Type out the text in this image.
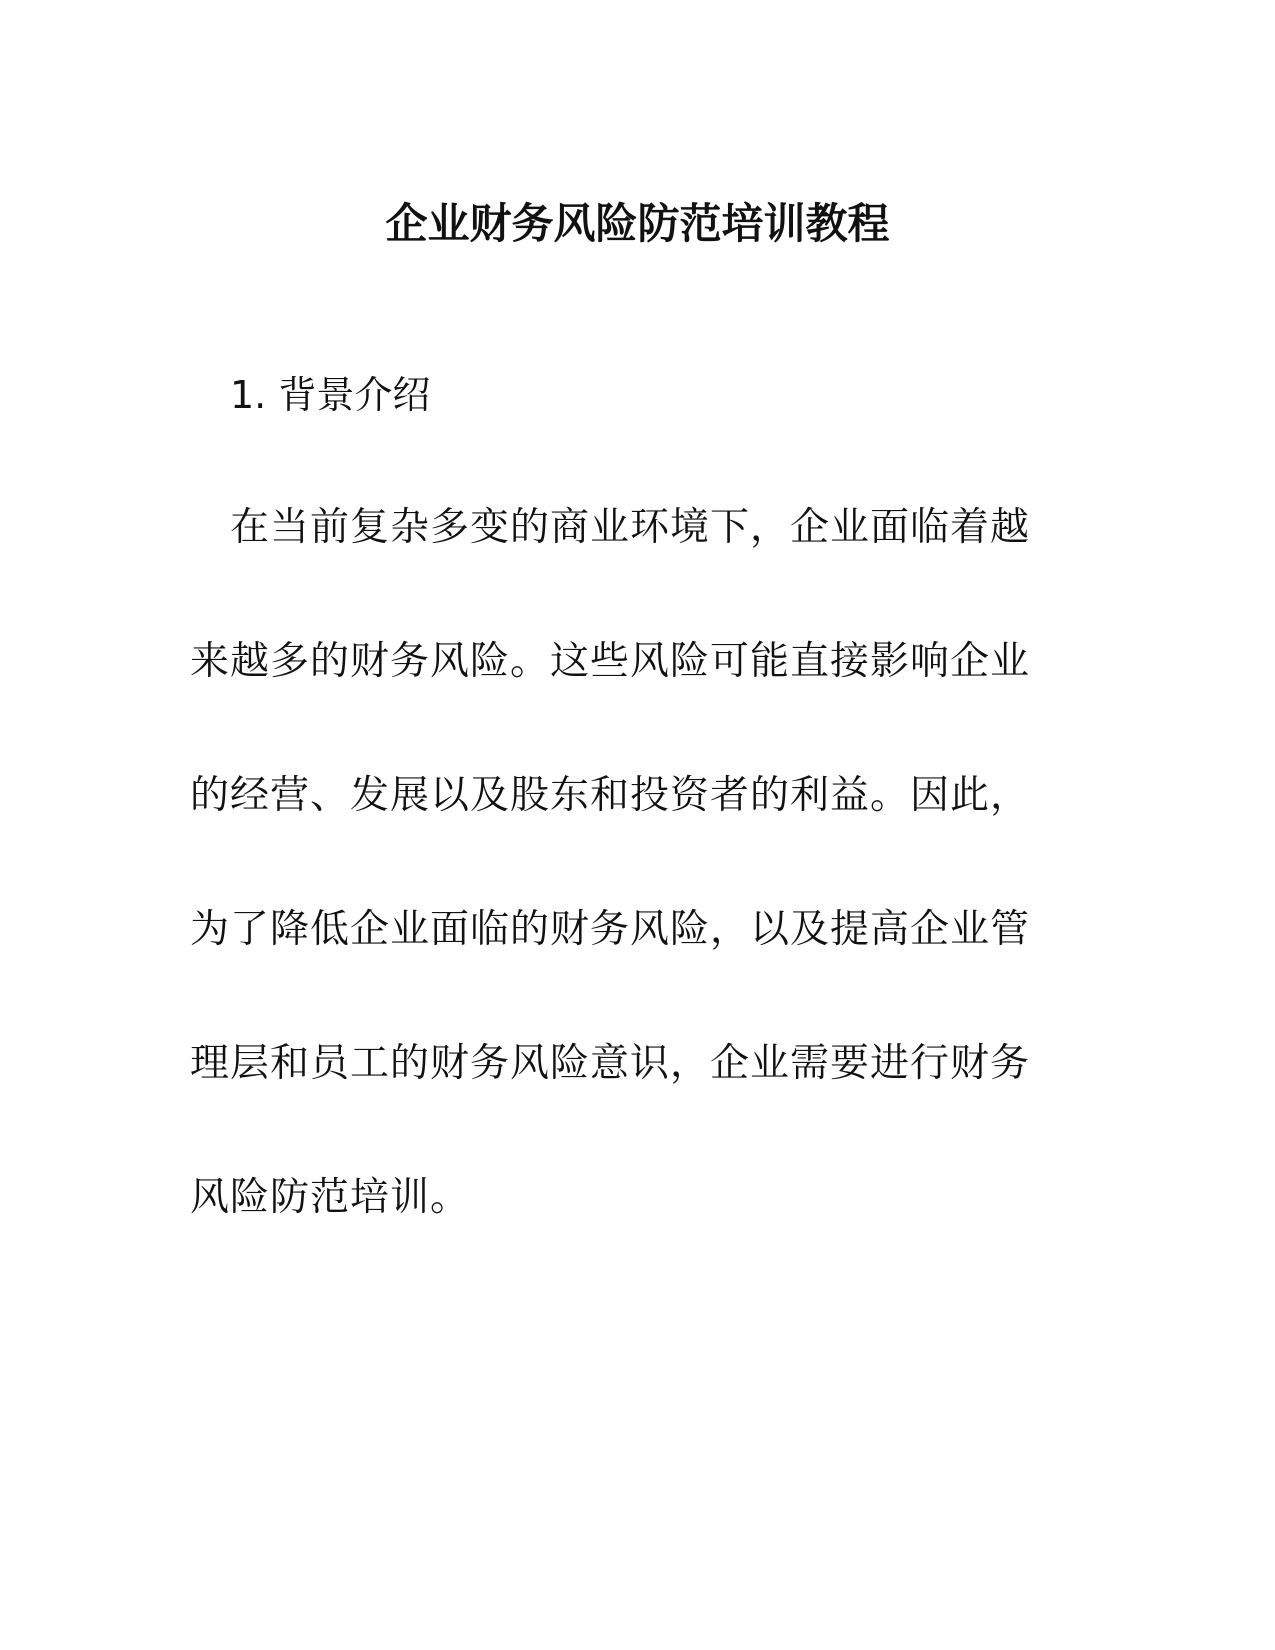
企业财务风险防范培训教程
1. 背景介绍
在当前复杂多变的商业环境下，企业面临着越
来越多的财务风险。这些风险可能直接影响企业
的经营、发展以及股东和投资者的利益。因此，
为了降低企业面临的财务风险，以及提高企业管
理层和员工的财务风险意识，企业需要进行财务
风险防范培训。
